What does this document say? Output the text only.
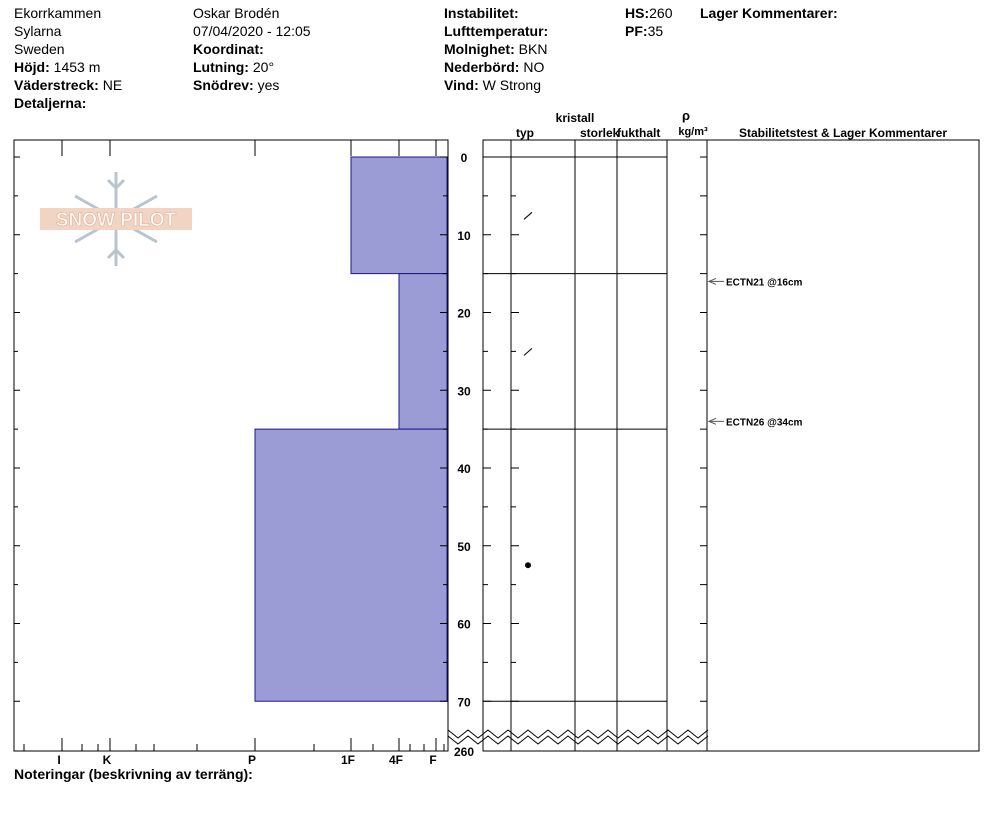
Ekorrkammen
Sylarna
Sweden
Höjd: 1453 m
Väderstreck: NE
Detaljerna:
Oskar Brodén
07/04/2020 - 12:05
Koordinat:
Lutning: 20°
Snödrev: yes
Instabilitet:
Lufttemperatur:
Molnighet: BKN
Nederbörd: NO
Vind: W Strong
HS:260
PF:35
Lager Kommentarer:
SNOW PILOT
I	K	P	1F	4F F
ECTN21 @16cm
ECTN26 @34cm
0
10
20
30
40
50
60
70
260
kristall
typ	storlek
fukthalt
ρ
kg/m³	Stabilitetstest & Lager Kommentarer
Noteringar (beskrivning av terräng):
